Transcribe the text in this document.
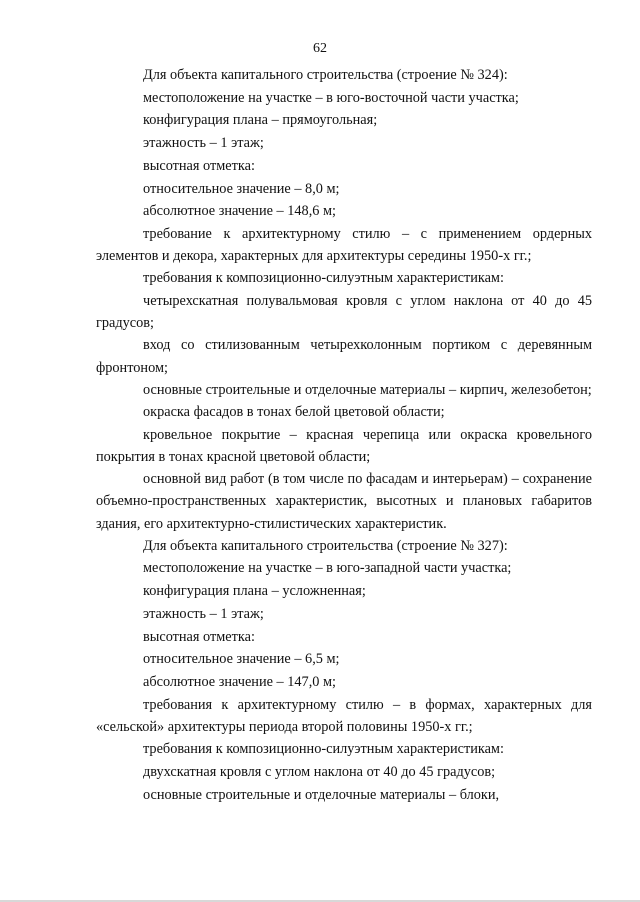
62

Для объекта капитального строительства (строение № 324):

местоположение на участке – в юго-восточной части участка;

конфигурация плана – прямоугольная;

этажность – 1 этаж;

высотная отметка:

относительное значение – 8,0 м;

абсолютное значение – 148,6 м;

требование к архитектурному стилю – с применением ордерных элементов и декора, характерных для архитектуры середины 1950-х гг.;

требования к композиционно-силуэтным характеристикам:

четырехскатная полувальмовая кровля с углом наклона от 40 до 45 градусов;

вход со стилизованным четырехколонным портиком с деревянным фронтоном;

основные строительные и отделочные материалы – кирпич, железобетон;

окраска фасадов в тонах белой цветовой области;

кровельное покрытие – красная черепица или окраска кровельного покрытия в тонах красной цветовой области;

основной вид работ (в том числе по фасадам и интерьерам) – сохранение объемно-пространственных характеристик, высотных и плановых габаритов здания, его архитектурно-стилистических характеристик.

Для объекта капитального строительства (строение № 327):

местоположение на участке – в юго-западной части участка;

конфигурация плана – усложненная;

этажность – 1 этаж;

высотная отметка:

относительное значение – 6,5 м;

абсолютное значение – 147,0 м;

требования к архитектурному стилю – в формах, характерных для «сельской» архитектуры периода второй половины 1950-х гг.;

требования к композиционно-силуэтным характеристикам:

двухскатная кровля с углом наклона от 40 до 45 градусов;

основные строительные и отделочные материалы – блоки,
